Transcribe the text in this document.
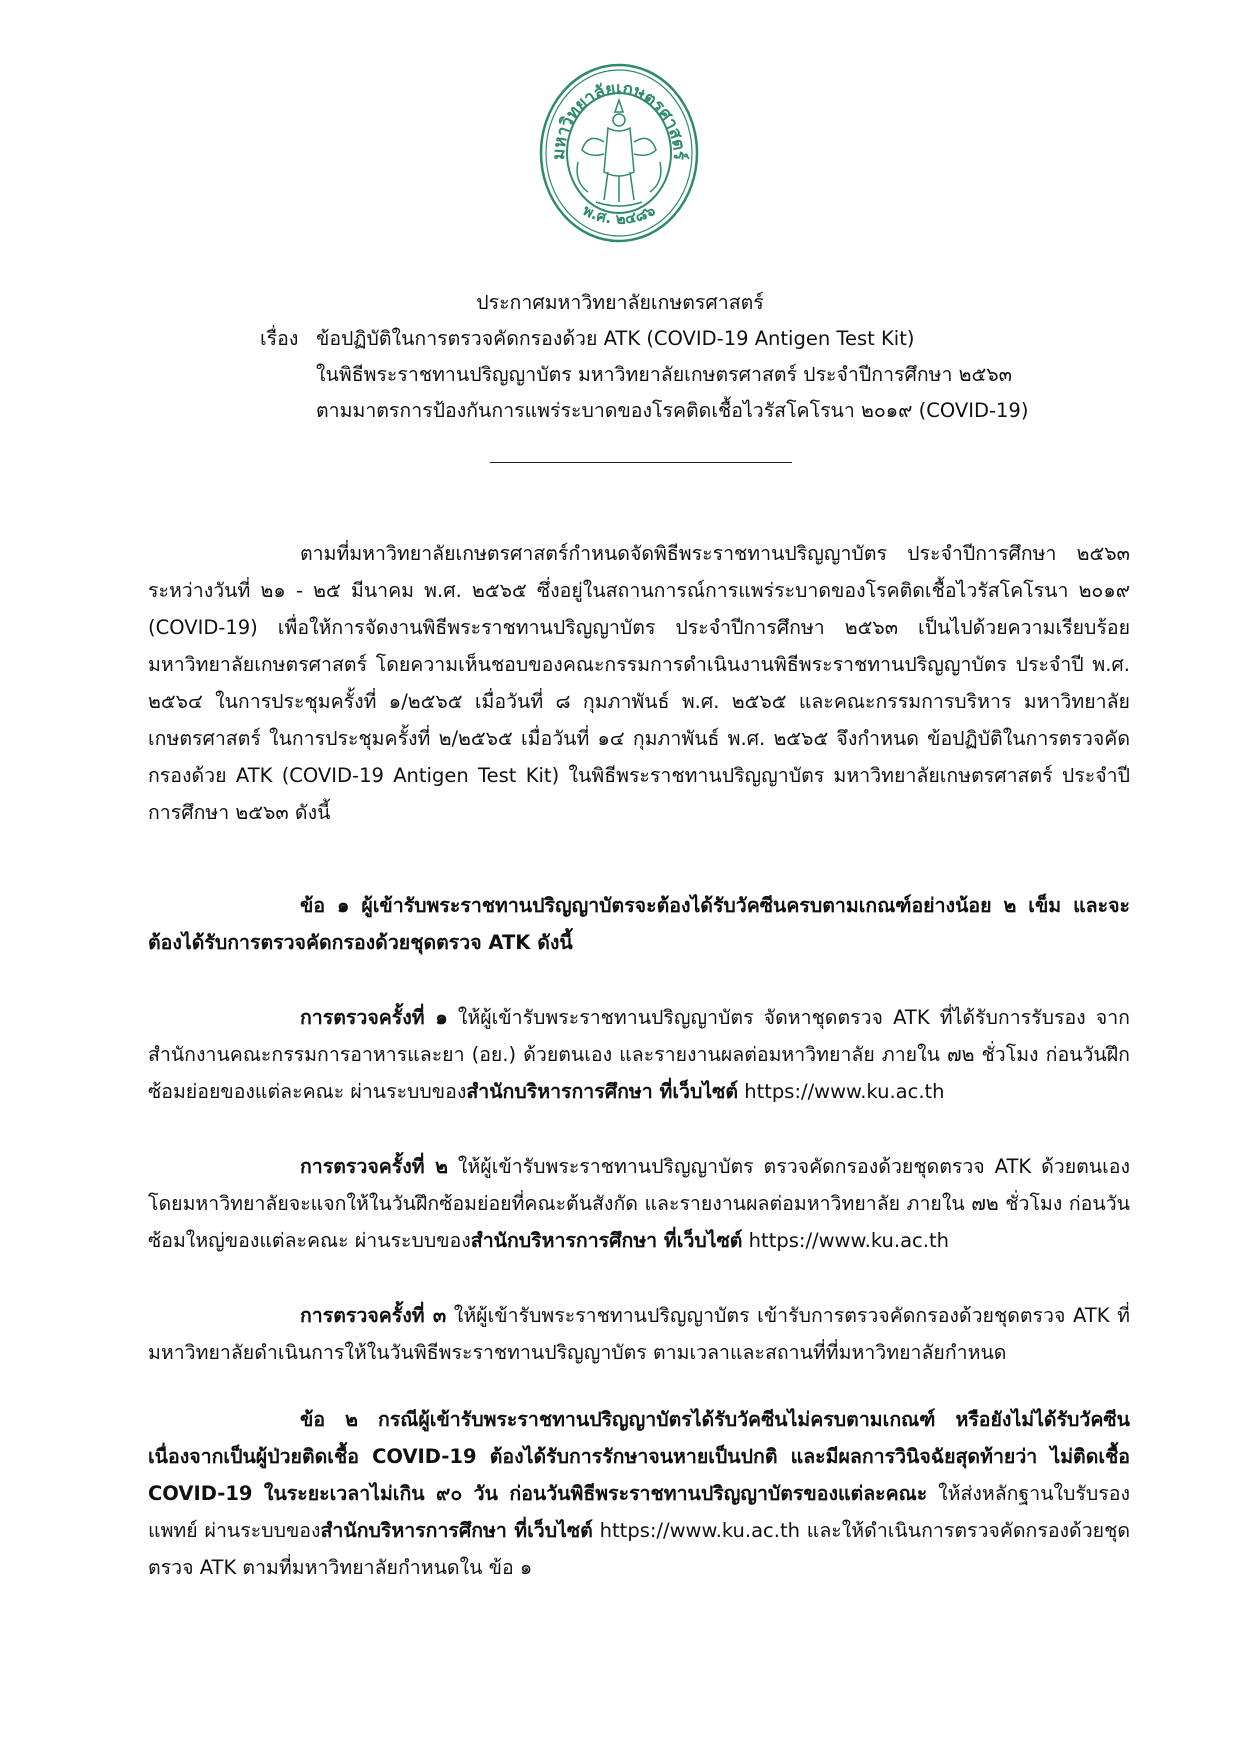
มหาวิทยาลัยเกษตรศาสตร์
พ.ศ. ๒๔๘๖
ประกาศมหาวิทยาลัยเกษตรศาสตร์
เรื่อง ข้อปฏิบัติในการตรวจคัดกรองด้วย ATK (COVID-19 Antigen Test Kit)
ในพิธีพระราชทานปริญญาบัตร มหาวิทยาลัยเกษตรศาสตร์ ประจำปีการศึกษา ๒๕๖๓
ตามมาตรการป้องกันการแพร่ระบาดของโรคติดเชื้อไวรัสโคโรนา ๒๐๑๙ (COVID-19)

ตามที่มหาวิทยาลัยเกษตรศาสตร์กำหนดจัดพิธีพระราชทานปริญญาบัตร ประจำปีการศึกษา ๒๕๖๓ ระหว่างวันที่ ๒๑ - ๒๕ มีนาคม พ.ศ. ๒๕๖๕ ซึ่งอยู่ในสถานการณ์การแพร่ระบาดของโรคติดเชื้อไวรัสโคโรนา ๒๐๑๙ (COVID-19) เพื่อให้การจัดงานพิธีพระราชทานปริญญาบัตร ประจำปีการศึกษา ๒๕๖๓ เป็นไปด้วยความเรียบร้อย มหาวิทยาลัยเกษตรศาสตร์ โดยความเห็นชอบของคณะกรรมการดำเนินงานพิธีพระราชทานปริญญาบัตร ประจำปี พ.ศ. ๒๕๖๔ ในการประชุมครั้งที่ ๑/๒๕๖๕ เมื่อวันที่ ๘ กุมภาพันธ์ พ.ศ. ๒๕๖๕ และคณะกรรมการบริหาร มหาวิทยาลัยเกษตรศาสตร์ ในการประชุมครั้งที่ ๒/๒๕๖๕ เมื่อวันที่ ๑๔ กุมภาพันธ์ พ.ศ. ๒๕๖๕ จึงกำหนด ข้อปฏิบัติในการตรวจคัดกรองด้วย ATK (COVID-19 Antigen Test Kit) ในพิธีพระราชทานปริญญาบัตร มหาวิทยาลัยเกษตรศาสตร์ ประจำปีการศึกษา ๒๕๖๓ ดังนี้

ข้อ ๑ ผู้เข้ารับพระราชทานปริญญาบัตรจะต้องได้รับวัคซีนครบตามเกณฑ์อย่างน้อย ๒ เข็ม และจะต้องได้รับการตรวจคัดกรองด้วยชุดตรวจ ATK ดังนี้

การตรวจครั้งที่ ๑ ให้ผู้เข้ารับพระราชทานปริญญาบัตร จัดหาชุดตรวจ ATK ที่ได้รับการรับรอง จากสำนักงานคณะกรรมการอาหารและยา (อย.) ด้วยตนเอง และรายงานผลต่อมหาวิทยาลัย ภายใน ๗๒ ชั่วโมง ก่อนวันฝึกซ้อมย่อยของแต่ละคณะ ผ่านระบบของสำนักบริหารการศึกษา ที่เว็บไซต์ https://www.ku.ac.th

การตรวจครั้งที่ ๒ ให้ผู้เข้ารับพระราชทานปริญญาบัตร ตรวจคัดกรองด้วยชุดตรวจ ATK ด้วยตนเอง โดยมหาวิทยาลัยจะแจกให้ในวันฝึกซ้อมย่อยที่คณะต้นสังกัด และรายงานผลต่อมหาวิทยาลัย ภายใน ๗๒ ชั่วโมง ก่อนวันซ้อมใหญ่ของแต่ละคณะ ผ่านระบบของสำนักบริหารการศึกษา ที่เว็บไซต์ https://www.ku.ac.th

การตรวจครั้งที่ ๓ ให้ผู้เข้ารับพระราชทานปริญญาบัตร เข้ารับการตรวจคัดกรองด้วยชุดตรวจ ATK ที่มหาวิทยาลัยดำเนินการให้ในวันพิธีพระราชทานปริญญาบัตร ตามเวลาและสถานที่ที่มหาวิทยาลัยกำหนด

ข้อ ๒ กรณีผู้เข้ารับพระราชทานปริญญาบัตรได้รับวัคซีนไม่ครบตามเกณฑ์ หรือยังไม่ได้รับวัคซีน เนื่องจากเป็นผู้ป่วยติดเชื้อ COVID-19 ต้องได้รับการรักษาจนหายเป็นปกติ และมีผลการวินิจฉัยสุดท้ายว่า ไม่ติดเชื้อ COVID-19 ในระยะเวลาไม่เกิน ๙๐ วัน ก่อนวันพิธีพระราชทานปริญญาบัตรของแต่ละคณะ ให้ส่งหลักฐานใบรับรองแพทย์ ผ่านระบบของสำนักบริหารการศึกษา ที่เว็บไซต์ https://www.ku.ac.th และให้ดำเนินการตรวจคัดกรองด้วยชุดตรวจ ATK ตามที่มหาวิทยาลัยกำหนดใน ข้อ ๑
